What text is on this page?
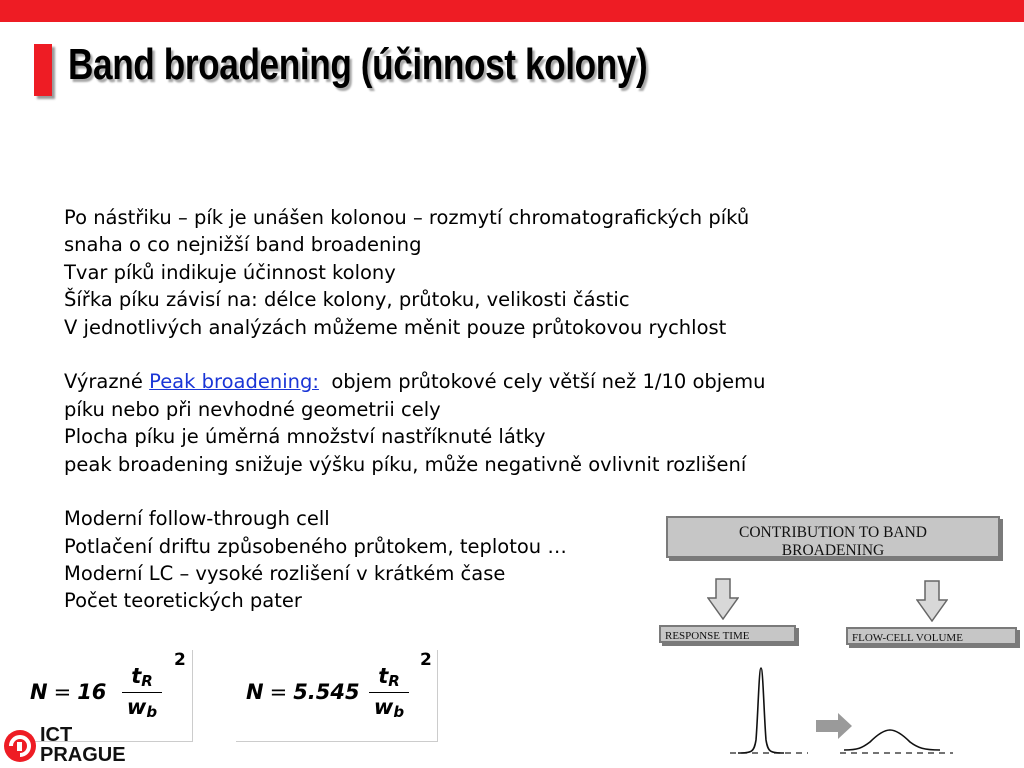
Band broadening (účinnost kolony)
Po nástřiku – pík je unášen kolonou – rozmytí chromatografických píků
snaha o co nejnižší band broadening
Tvar píků indikuje účinnost kolony
Šířka píku závisí na: délce kolony, průtoku, velikosti částic
V jednotlivých analýzách můžeme měnit pouze průtokovou rychlost
Výrazné Peak broadening:  objem průtokové cely větší než 1/10 objemu
píku nebo při nevhodné geometrii cely
Plocha píku je úměrná množství nastříknuté látky
peak broadening snižuje výšku píku, může negativně ovlivnit rozlišení
Moderní follow-through cell
Potlačení driftu způsobeného průtokem, teplotou …
Moderní LC – vysoké rozlišení v krátkém čase
Počet teoretických pater
N = 16
$t_R$
$w_b$
2
N = 5.545
$t_R$
$w_b$
2
CONTRIBUTION TO BAND
BROADENING
RESPONSE TIME	FLOW-CELL VOLUME
ICT
PRAGUE
